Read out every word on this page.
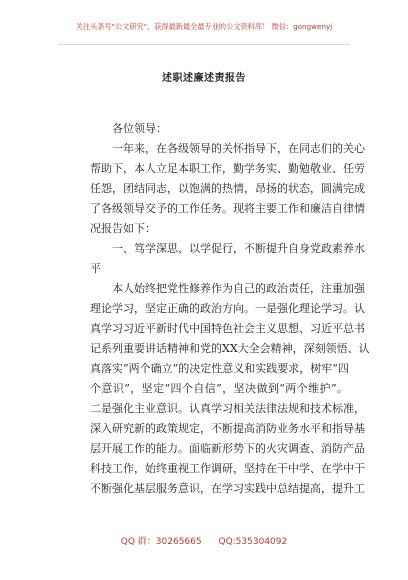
关注头条号"公文研究"，获得最新最全最专业的公文资料库！ 微信：gongwenyj
述职述廉述责报告
各位领导：
一年来，在各级领导的关怀指导下，在同志们的关心
帮助下，本人立足本职工作，勤学务实、勤勉敬业、任劳
任怨，团结同志，以饱满的热情，昂扬的状态，圆满完成
了各级领导交予的工作任务。现将主要工作和廉洁自律情
况报告如下：
一、笃学深思、以学促行，不断提升自身党政素养水
平
本人始终把党性修养作为自己的政治责任，注重加强
理论学习，坚定正确的政治方向。一是强化理论学习。认
真学习习近平新时代中国特色社会主义思想、习近平总书
记系列重要讲话精神和党的XX大全会精神，深刻领悟、认
真落实“两个确立”的决定性意义和实践要求，树牢“四
个意识”，坚定“四个自信”，坚决做到“两个维护”。
二是强化主业意识。认真学习相关法律法规和技术标准，
深入研究新的政策规定，不断提高消防业务水平和指导基
层开展工作的能力。面临新形势下的火灾调查、消防产品
科技工作，始终重视工作调研，坚持在干中学、在学中干
不断强化基层服务意识，在学习实践中总结提高，提升工
QQ 群：30265665 QQ:535304092
